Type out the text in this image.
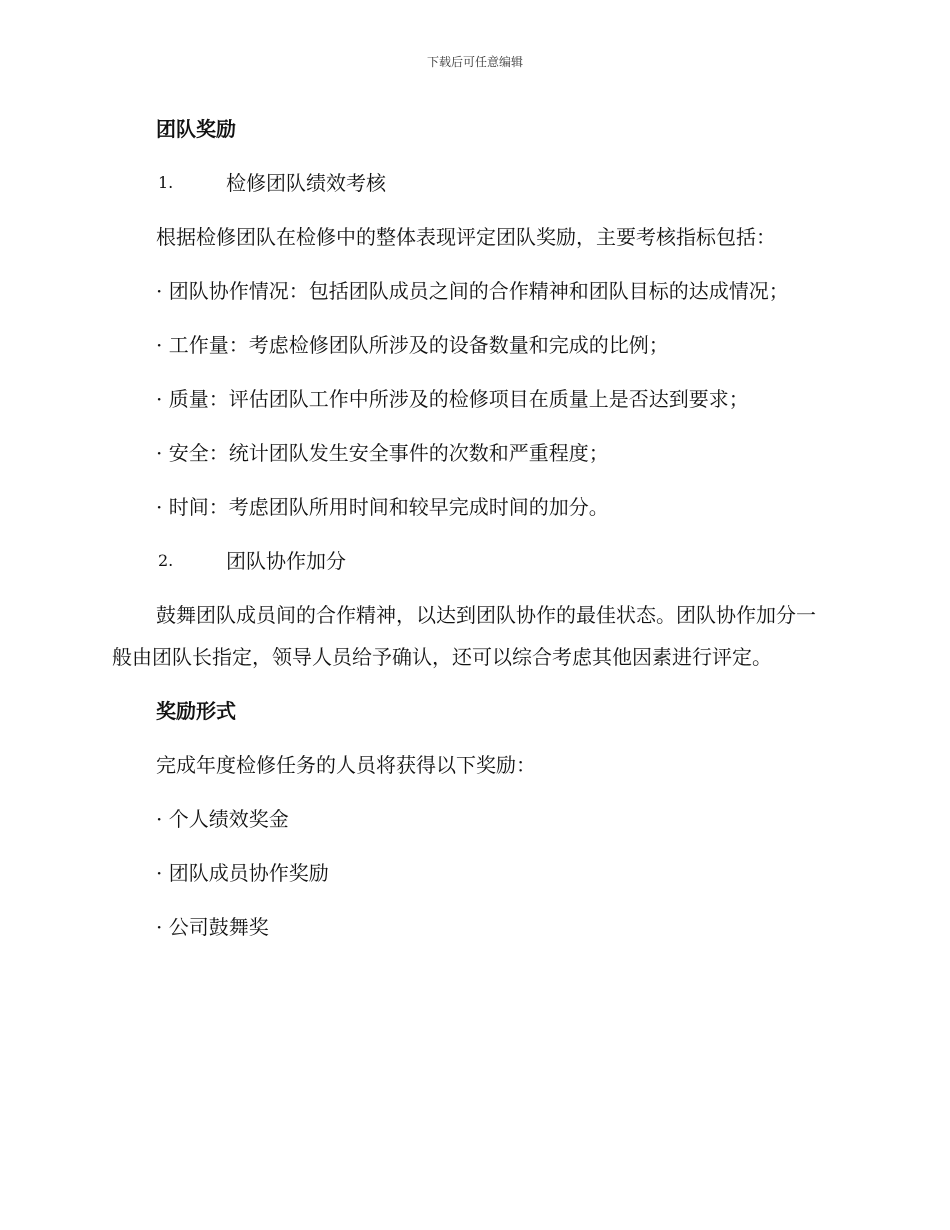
下载后可任意编辑
团队奖励
1.	检修团队绩效考核
根据检修团队在检修中的整体表现评定团队奖励，主要考核指标包括：
· 团队协作情况：包括团队成员之间的合作精神和团队目标的达成情况；
· 工作量：考虑检修团队所涉及的设备数量和完成的比例；
· 质量：评估团队工作中所涉及的检修项目在质量上是否达到要求；
· 安全：统计团队发生安全事件的次数和严重程度；
· 时间：考虑团队所用时间和较早完成时间的加分。
2.	团队协作加分
鼓舞团队成员间的合作精神，以达到团队协作的最佳状态。团队协作加分一般由团队长指定，领导人员给予确认，还可以综合考虑其他因素进行评定。
奖励形式
完成年度检修任务的人员将获得以下奖励：
· 个人绩效奖金
· 团队成员协作奖励
· 公司鼓舞奖
